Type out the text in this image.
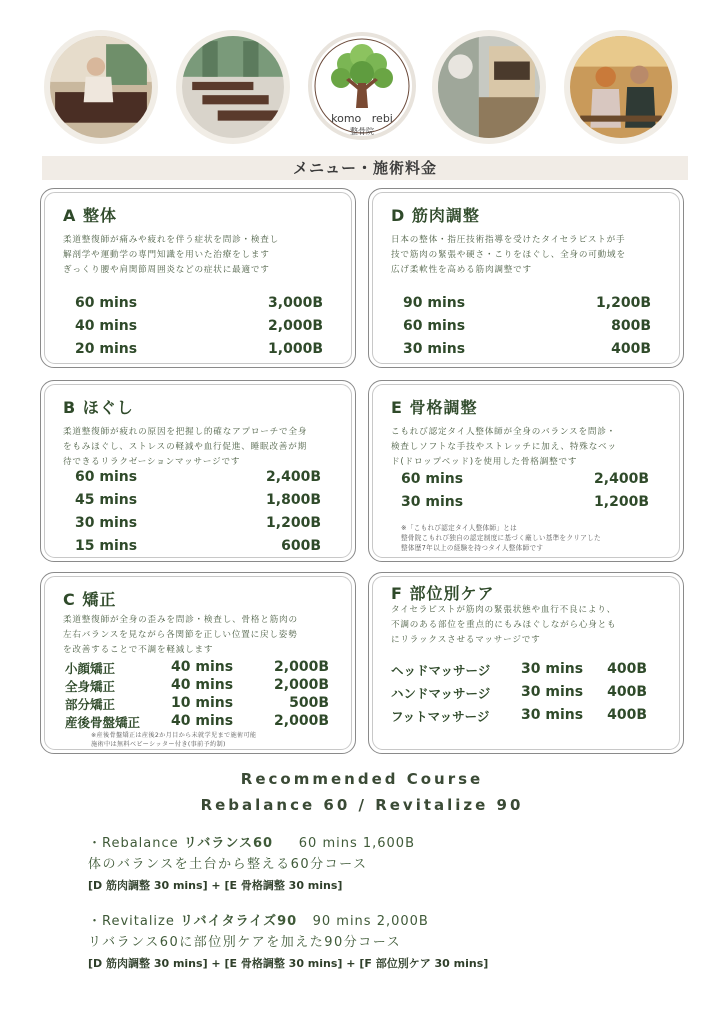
komo rebi
整骨院
メニュー・施術料金
A 整体
柔道整復師が痛みや疲れを伴う症状を問診・検査し
解剖学や運動学の専門知識を用いた治療をします
ぎっくり腰や肩関節周囲炎などの症状に最適です
60 mins	3,000B
40 mins	2,000B
20 mins	1,000B
D 筋肉調整
日本の整体・指圧技術指導を受けたタイセラピストが手
技で筋肉の緊張や硬さ・こりをほぐし、全身の可動域を
広げ柔軟性を高める筋肉調整です
90 mins	1,200B
60 mins	800B
30 mins	400B
B ほぐし
柔道整復師が疲れの原因を把握し的確なアプローチで全身
をもみほぐし、ストレスの軽減や血行促進、睡眠改善が期
待できるリラクゼーションマッサージです
60 mins	2,400B
45 mins	1,800B
30 mins	1,200B
15 mins	600B
E 骨格調整
こもれび認定タイ人整体師が全身のバランスを問診・
検査しソフトな手技やストレッチに加え、特殊なベッ
ド(ドロップベッド)を使用した骨格調整です
60 mins	2,400B
30 mins	1,200B
※「こもれび認定タイ人整体師」とは
整骨院こもれび独自の認定制度に基づく厳しい基準をクリアした
整体歴7年以上の経験を持つタイ人整体師です
C 矯正
柔道整復師が全身の歪みを問診・検査し、骨格と筋肉の
左右バランスを見ながら各関節を正しい位置に戻し姿勢
を改善することで不調を軽減します
小顔矯正	40 mins	2,000B
全身矯正	40 mins	2,000B
部分矯正	10 mins	500B
産後骨盤矯正 40 mins	2,000B
※産後骨盤矯正は産後2か月目から未就学児まで施術可能
施術中は無料ベビーシッター付き(事前予約制)
F 部位別ケア
タイセラピストが筋肉の緊張状態や血行不良により、
不調のある部位を重点的にもみほぐしながら心身とも
にリラックスさせるマッサージです
ヘッドマッサージ 30 mins 400B
ハンドマッサージ 30 mins 400B
フットマッサージ 30 mins 400B
Recommended Course
Rebalance 60 / Revitalize 90
・Rebalance リバランス60 60 mins 1,600B
体のバランスを土台から整える60分コース
[D 筋肉調整 30 mins] + [E 骨格調整 30 mins]
・Revitalize リバイタライズ90 90 mins 2,000B
リバランス60に部位別ケアを加えた90分コース
[D 筋肉調整 30 mins] + [E 骨格調整 30 mins] + [F 部位別ケア 30 mins]
